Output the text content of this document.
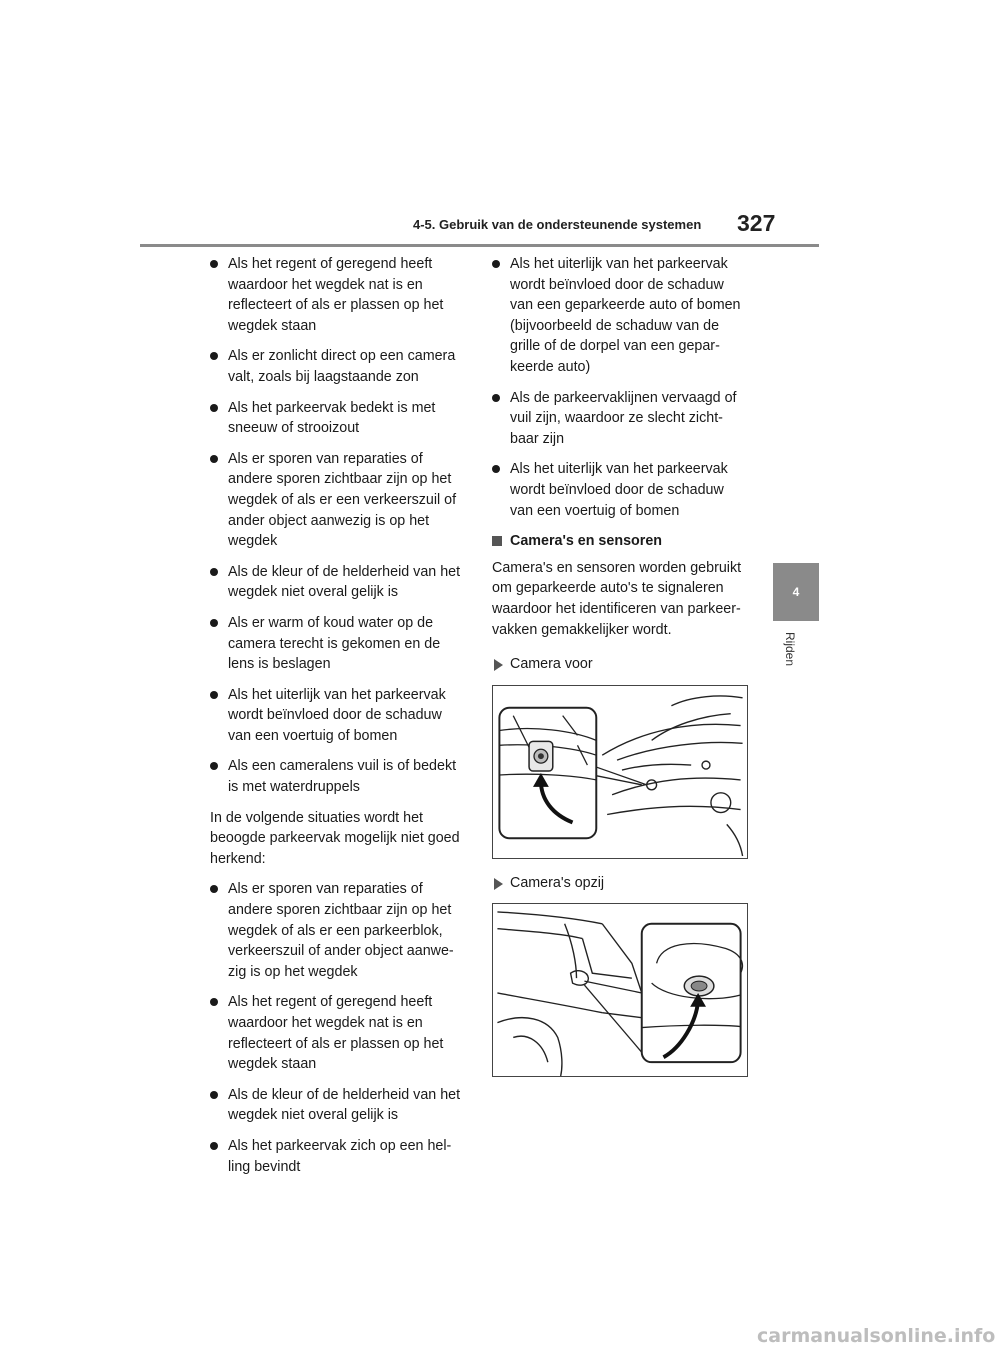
4-5. Gebruik van de ondersteunende systemen 327
4
Rijden
Als het regent of geregend heeft waardoor het wegdek nat is en reflecteert of als er plassen op het wegdek staan
Als er zonlicht direct op een camera valt, zoals bij laagstaande zon
Als het parkeervak bedekt is met sneeuw of strooizout
Als er sporen van reparaties of andere sporen zichtbaar zijn op het wegdek of als er een verkeerszuil of ander object aanwezig is op het wegdek
Als de kleur of de helderheid van het wegdek niet overal gelijk is
Als er warm of koud water op de camera terecht is gekomen en de lens is beslagen
Als het uiterlijk van het parkeervak wordt beïnvloed door de schaduw van een voertuig of bomen
Als een cameralens vuil is of bedekt is met waterdruppels
In de volgende situaties wordt het beoogde parkeervak mogelijk niet goed herkend:
Als er sporen van reparaties of andere sporen zichtbaar zijn op het wegdek of als er een parkeerblok, verkeerszuil of ander object aanwe-zig is op het wegdek
Als het regent of geregend heeft waardoor het wegdek nat is en reflecteert of als er plassen op het wegdek staan
Als de kleur of de helderheid van het wegdek niet overal gelijk is
Als het parkeervak zich op een hel-ling bevindt
Als het uiterlijk van het parkeervak wordt beïnvloed door de schaduw van een geparkeerde auto of bomen (bijvoorbeeld de schaduw van de grille of de dorpel van een gepar-keerde auto)
Als de parkeervaklijnen vervaagd of vuil zijn, waardoor ze slecht zicht-baar zijn
Als het uiterlijk van het parkeervak wordt beïnvloed door de schaduw van een voertuig of bomen
Camera's en sensoren
Camera's en sensoren worden gebruikt om geparkeerde auto's te signaleren waardoor het identificeren van parkeer-vakken gemakkelijker wordt.
Camera voor
Camera's opzij
carmanualsonline.info
